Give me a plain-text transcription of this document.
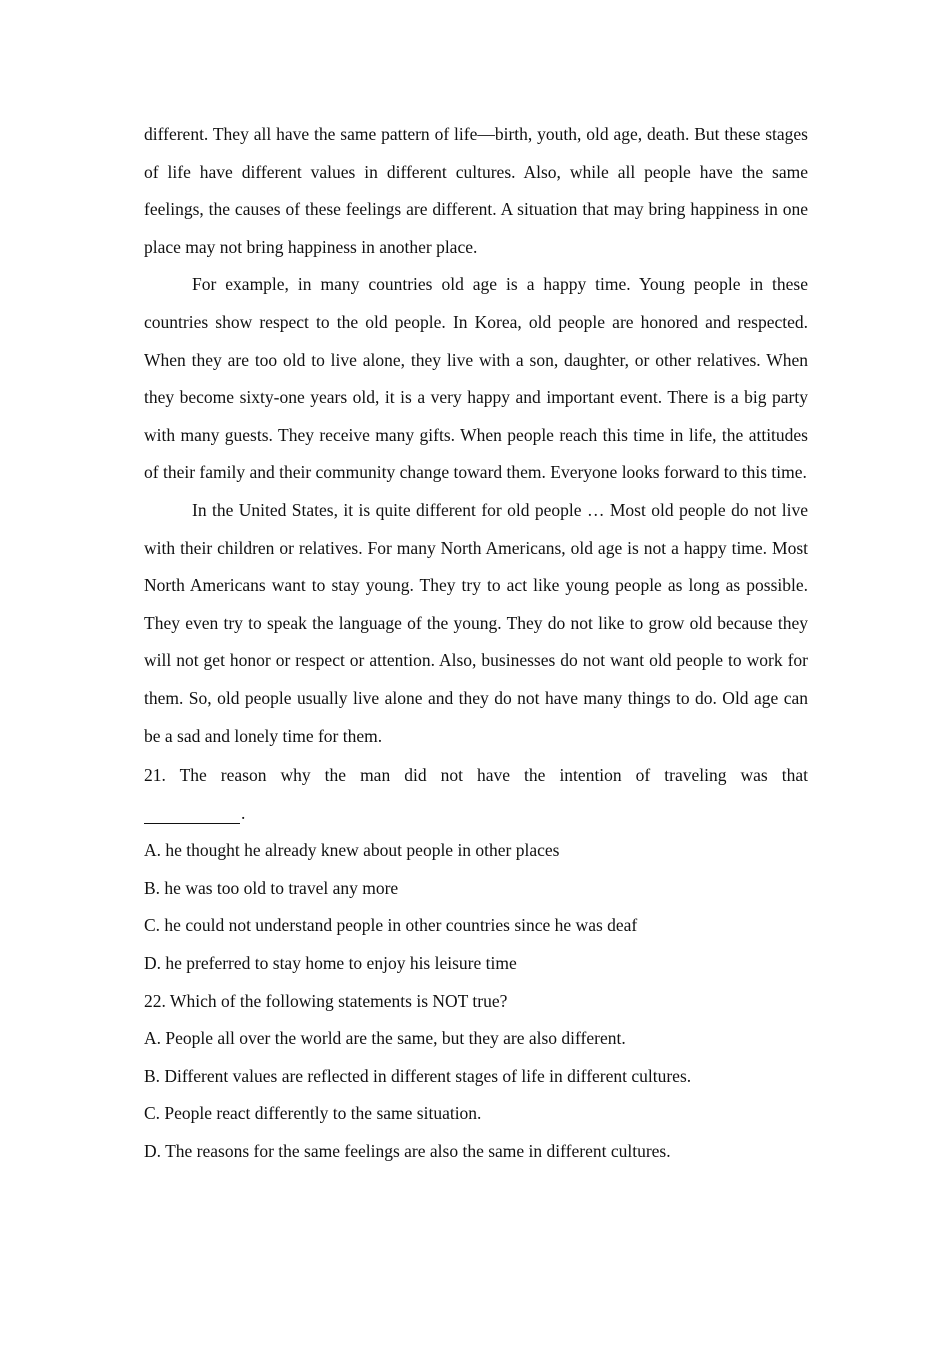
different. They all have the same pattern of life—birth, youth, old age, death. But these stages of life have different values in different cultures. Also, while all people have the same feelings, the causes of these feelings are different. A situation that may bring happiness in one place may not bring happiness in another place.

For example, in many countries old age is a happy time. Young people in these countries show respect to the old people. In Korea, old people are honored and respected. When they are too old to live alone, they live with a son, daughter, or other relatives. When they become sixty-one years old, it is a very happy and important event. There is a big party with many guests. They receive many gifts. When people reach this time in life, the attitudes of their family and their community change toward them. Everyone looks forward to this time.

In the United States, it is quite different for old people … Most old people do not live with their children or relatives. For many North Americans, old age is not a happy time. Most North Americans want to stay young. They try to act like young people as long as possible. They even try to speak the language of the young. They do not like to grow old because they will not get honor or respect or attention. Also, businesses do not want old people to work for them. So, old people usually live alone and they do not have many things to do. Old age can be a sad and lonely time for them.

21. The reason why the man did not have the intention of traveling was that

.

A. he thought he already knew about people in other places

B. he was too old to travel any more

C. he could not understand people in other countries since he was deaf

D. he preferred to stay home to enjoy his leisure time

22. Which of the following statements is NOT true?

A. People all over the world are the same, but they are also different.

B. Different values are reflected in different stages of life in different cultures.

C. People react differently to the same situation.

D. The reasons for the same feelings are also the same in different cultures.
